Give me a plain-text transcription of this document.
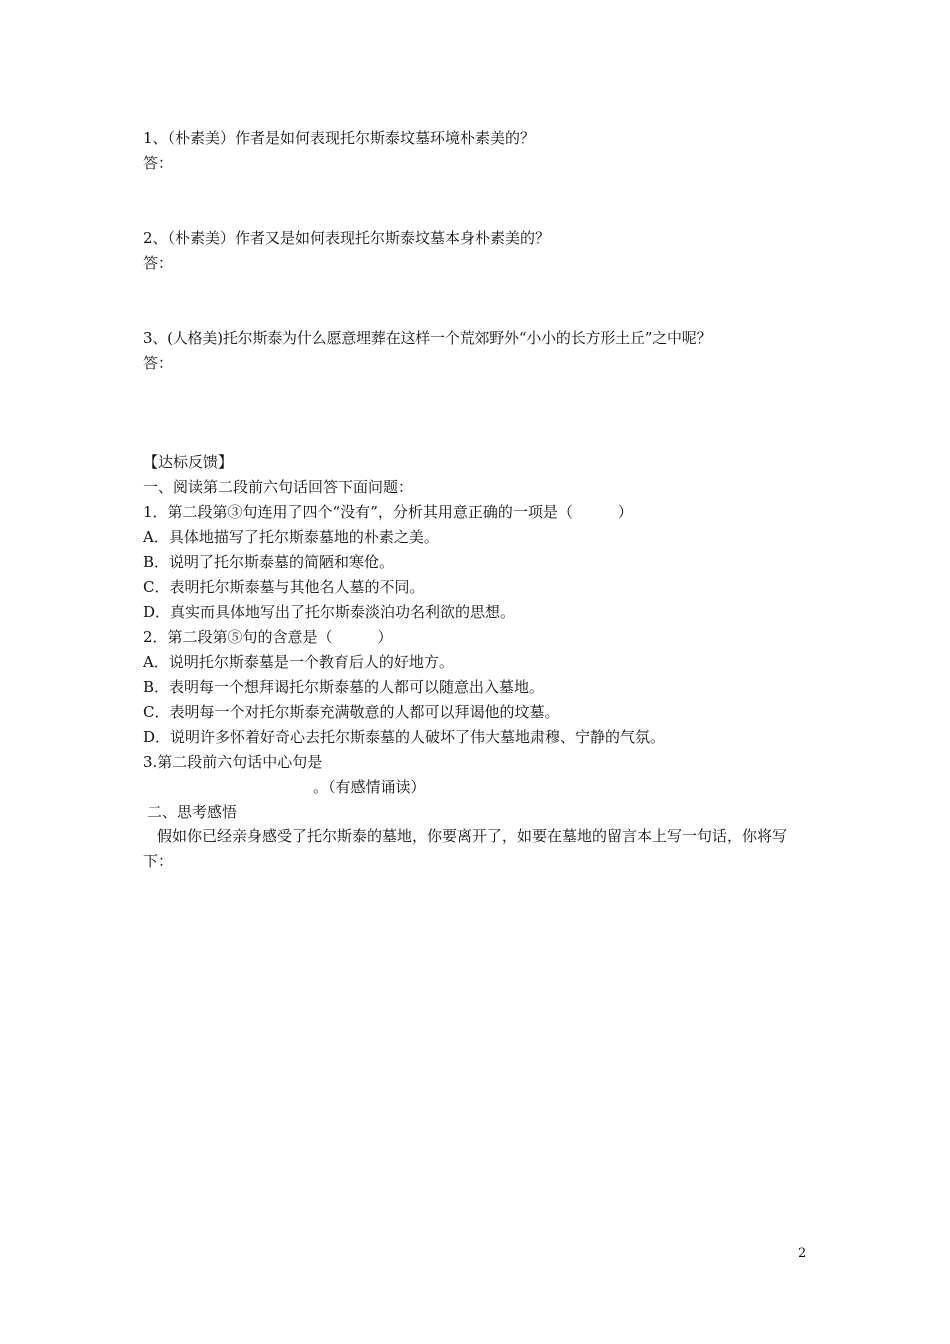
1、（朴素美）作者是如何表现托尔斯泰坟墓环境朴素美的？
答：
2、（朴素美）作者又是如何表现托尔斯泰坟墓本身朴素美的？
答：
3、(人格美)托尔斯泰为什么愿意埋葬在这样一个荒郊野外“小小的长方形土丘”之中呢？
答：
【达标反馈】
一、阅读第二段前六句话回答下面问题：
1．第二段第③句连用了四个“没有”，分析其用意正确的一项是（　　　）
A．具体地描写了托尔斯泰墓地的朴素之美。
B．说明了托尔斯泰墓的简陋和寒伧。
C．表明托尔斯泰墓与其他名人墓的不同。
D．真实而具体地写出了托尔斯泰淡泊功名利欲的思想。
2．第二段第⑤句的含意是（　　　）
A．说明托尔斯泰墓是一个教育后人的好地方。
B．表明每一个想拜谒托尔斯泰墓的人都可以随意出入墓地。
C．表明每一个对托尔斯泰充满敬意的人都可以拜谒他的坟墓。
D．说明许多怀着好奇心去托尔斯泰墓的人破坏了伟大墓地肃穆、宁静的气氛。
3.第二段前六句话中心句是
。（有感情诵读）
二、思考感悟
假如你已经亲身感受了托尔斯泰的墓地，你要离开了，如要在墓地的留言本上写一句话，你将写下：
2
